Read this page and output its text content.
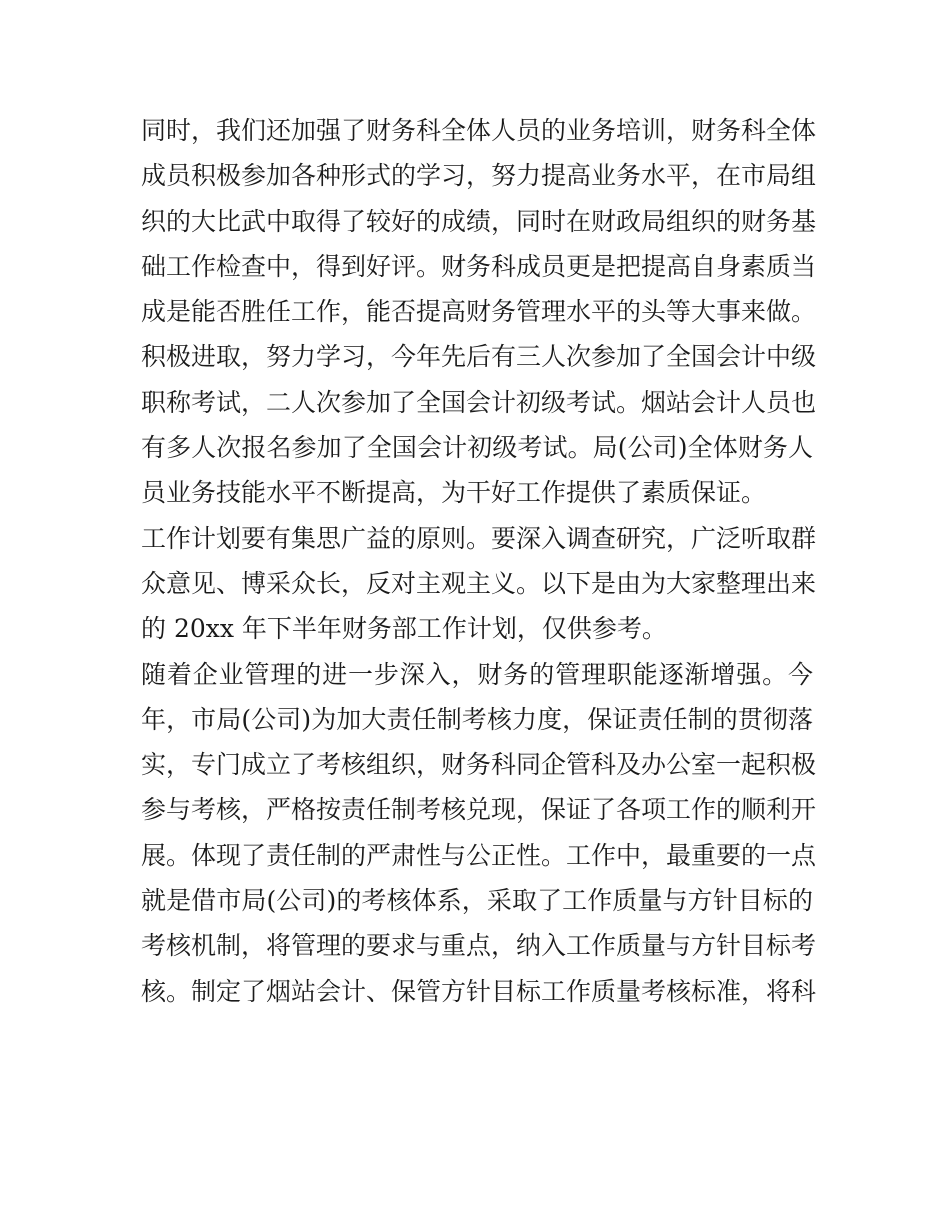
同时，我们还加强了财务科全体人员的业务培训，财务科全体
成员积极参加各种形式的学习，努力提高业务水平，在市局组
织的大比武中取得了较好的成绩，同时在财政局组织的财务基
础工作检查中，得到好评。财务科成员更是把提高自身素质当
成是能否胜任工作，能否提高财务管理水平的头等大事来做。
积极进取，努力学习，今年先后有三人次参加了全国会计中级
职称考试，二人次参加了全国会计初级考试。烟站会计人员也
有多人次报名参加了全国会计初级考试。局(公司)全体财务人
员业务技能水平不断提高，为干好工作提供了素质保证。
工作计划要有集思广益的原则。要深入调查研究，广泛听取群
众意见、博采众长，反对主观主义。以下是由为大家整理出来
的 20xx 年下半年财务部工作计划，仅供参考。
随着企业管理的进一步深入，财务的管理职能逐渐增强。今
年，市局(公司)为加大责任制考核力度，保证责任制的贯彻落
实，专门成立了考核组织，财务科同企管科及办公室一起积极
参与考核，严格按责任制考核兑现，保证了各项工作的顺利开
展。体现了责任制的严肃性与公正性。工作中，最重要的一点
就是借市局(公司)的考核体系，采取了工作质量与方针目标的
考核机制，将管理的要求与重点，纳入工作质量与方针目标考
核。制定了烟站会计、保管方针目标工作质量考核标准，将科
